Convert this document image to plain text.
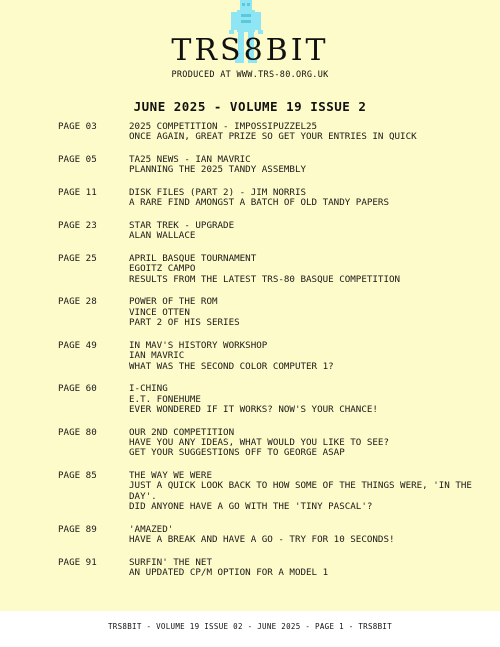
TRS8BIT
PRODUCED AT WWW.TRS-80.ORG.UK
JUNE 2025 - VOLUME 19 ISSUE 2
PAGE 03	2025 COMPETITION - IMPOSSIPUZZEL25
ONCE AGAIN, GREAT PRIZE SO GET YOUR ENTRIES IN QUICK
PAGE 05	TA25 NEWS - IAN MAVRIC
PLANNING THE 2025 TANDY ASSEMBLY
PAGE 11	DISK FILES (PART 2) - JIM NORRIS
A RARE FIND AMONGST A BATCH OF OLD TANDY PAPERS
PAGE 23	STAR TREK - UPGRADE
ALAN WALLACE
PAGE 25	APRIL BASQUE TOURNAMENT
EGOITZ CAMPO
RESULTS FROM THE LATEST TRS-80 BASQUE COMPETITION
PAGE 28	POWER OF THE ROM
VINCE OTTEN
PART 2 OF HIS SERIES
PAGE 49	IN MAV'S HISTORY WORKSHOP
IAN MAVRIC
WHAT WAS THE SECOND COLOR COMPUTER 1?
PAGE 60	I-CHING
E.T. FONEHUME
EVER WONDERED IF IT WORKS? NOW'S YOUR CHANCE!
PAGE 80	OUR 2ND COMPETITION
HAVE YOU ANY IDEAS, WHAT WOULD YOU LIKE TO SEE?
GET YOUR SUGGESTIONS OFF TO GEORGE ASAP
PAGE 85	THE WAY WE WERE
JUST A QUICK LOOK BACK TO HOW SOME OF THE THINGS WERE, 'IN THE DAY'.
DID ANYONE HAVE A GO WITH THE 'TINY PASCAL'?
PAGE 89	'AMAZED'
HAVE A BREAK AND HAVE A GO - TRY FOR 10 SECONDS!
PAGE 91	SURFIN' THE NET
AN UPDATED CP/M OPTION FOR A MODEL 1
TRS8BIT - VOLUME 19 ISSUE 02 - JUNE 2025 - PAGE 1 - TRS8BIT
